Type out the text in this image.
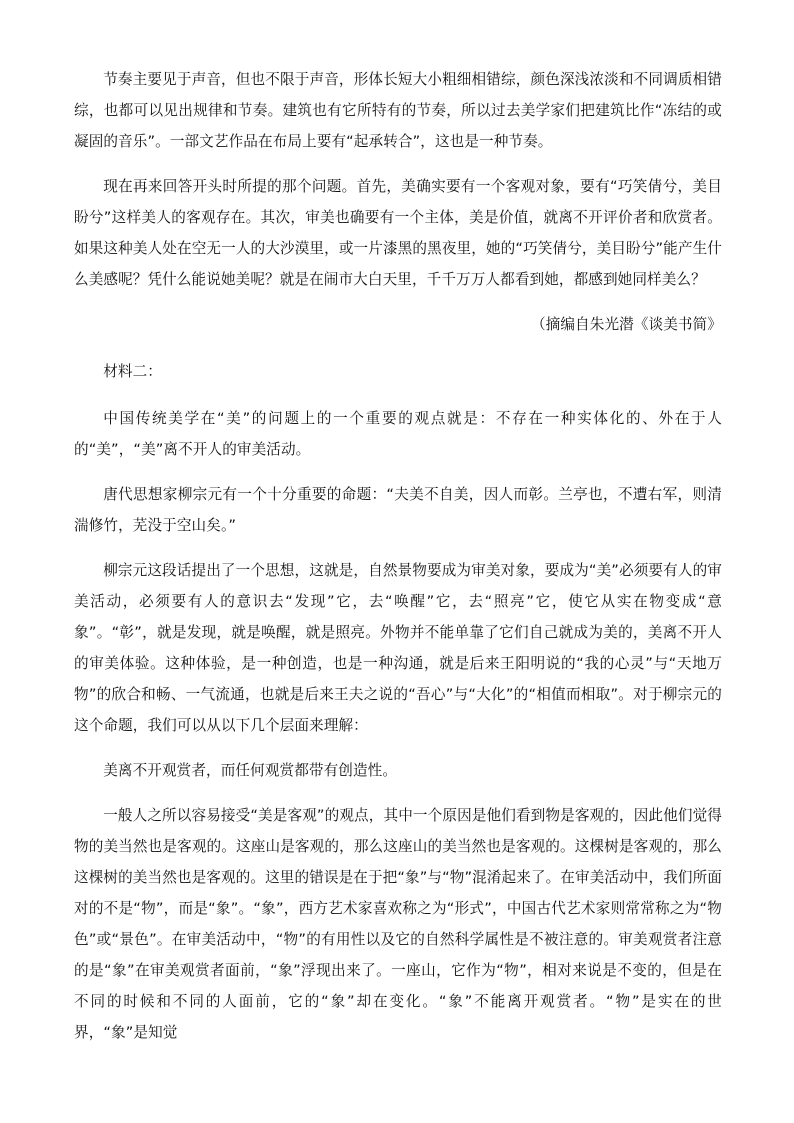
节奏主要见于声音，但也不限于声音，形体长短大小粗细相错综，颜色深浅浓淡和不同调质相错综，也都可以见出规律和节奏。建筑也有它所特有的节奏，所以过去美学家们把建筑比作“冻结的或凝固的音乐”。一部文艺作品在布局上要有“起承转合”，这也是一种节奏。

现在再来回答开头时所提的那个问题。首先，美确实要有一个客观对象，要有“巧笑倩兮，美目盼兮”这样美人的客观存在。其次，审美也确要有一个主体，美是价值，就离不开评价者和欣赏者。如果这种美人处在空无一人的大沙漠里，或一片漆黑的黑夜里，她的“巧笑倩兮，美目盼兮”能产生什么美感呢？凭什么能说她美呢？就是在闹市大白天里，千千万万人都看到她，都感到她同样美么？

（摘编自朱光潜《谈美书简》

材料二：

中国传统美学在“美”的问题上的一个重要的观点就是：不存在一种实体化的、外在于人的“美”，“美”离不开人的审美活动。

唐代思想家柳宗元有一个十分重要的命题：“夫美不自美，因人而彰。兰亭也，不遭右军，则清湍修竹，芜没于空山矣。”

柳宗元这段话提出了一个思想，这就是，自然景物要成为审美对象，要成为“美”必须要有人的审美活动，必须要有人的意识去“发现”它，去“唤醒”它，去“照亮”它，使它从实在物变成“意象”。“彰”，就是发现，就是唤醒，就是照亮。外物并不能单靠了它们自己就成为美的，美离不开人的审美体验。这种体验，是一种创造，也是一种沟通，就是后来王阳明说的“我的心灵”与“天地万物”的欣合和畅、一气流通，也就是后来王夫之说的“吾心”与“大化”的“相值而相取”。对于柳宗元的这个命题，我们可以从以下几个层面来理解：

美离不开观赏者，而任何观赏都带有创造性。

一般人之所以容易接受“美是客观”的观点，其中一个原因是他们看到物是客观的，因此他们觉得物的美当然也是客观的。这座山是客观的，那么这座山的美当然也是客观的。这棵树是客观的，那么这棵树的美当然也是客观的。这里的错误是在于把“象”与“物”混淆起来了。在审美活动中，我们所面对的不是“物”，而是“象”。“象”，西方艺术家喜欢称之为“形式”，中国古代艺术家则常常称之为“物色”或“景色”。在审美活动中，“物”的有用性以及它的自然科学属性是不被注意的。审美观赏者注意的是“象”在审美观赏者面前，“象”浮现出来了。一座山，它作为“物”，相对来说是不变的，但是在不同的时候和不同的人面前，它的“象”却在变化。“象”不能离开观赏者。“物”是实在的世界，“象”是知觉
